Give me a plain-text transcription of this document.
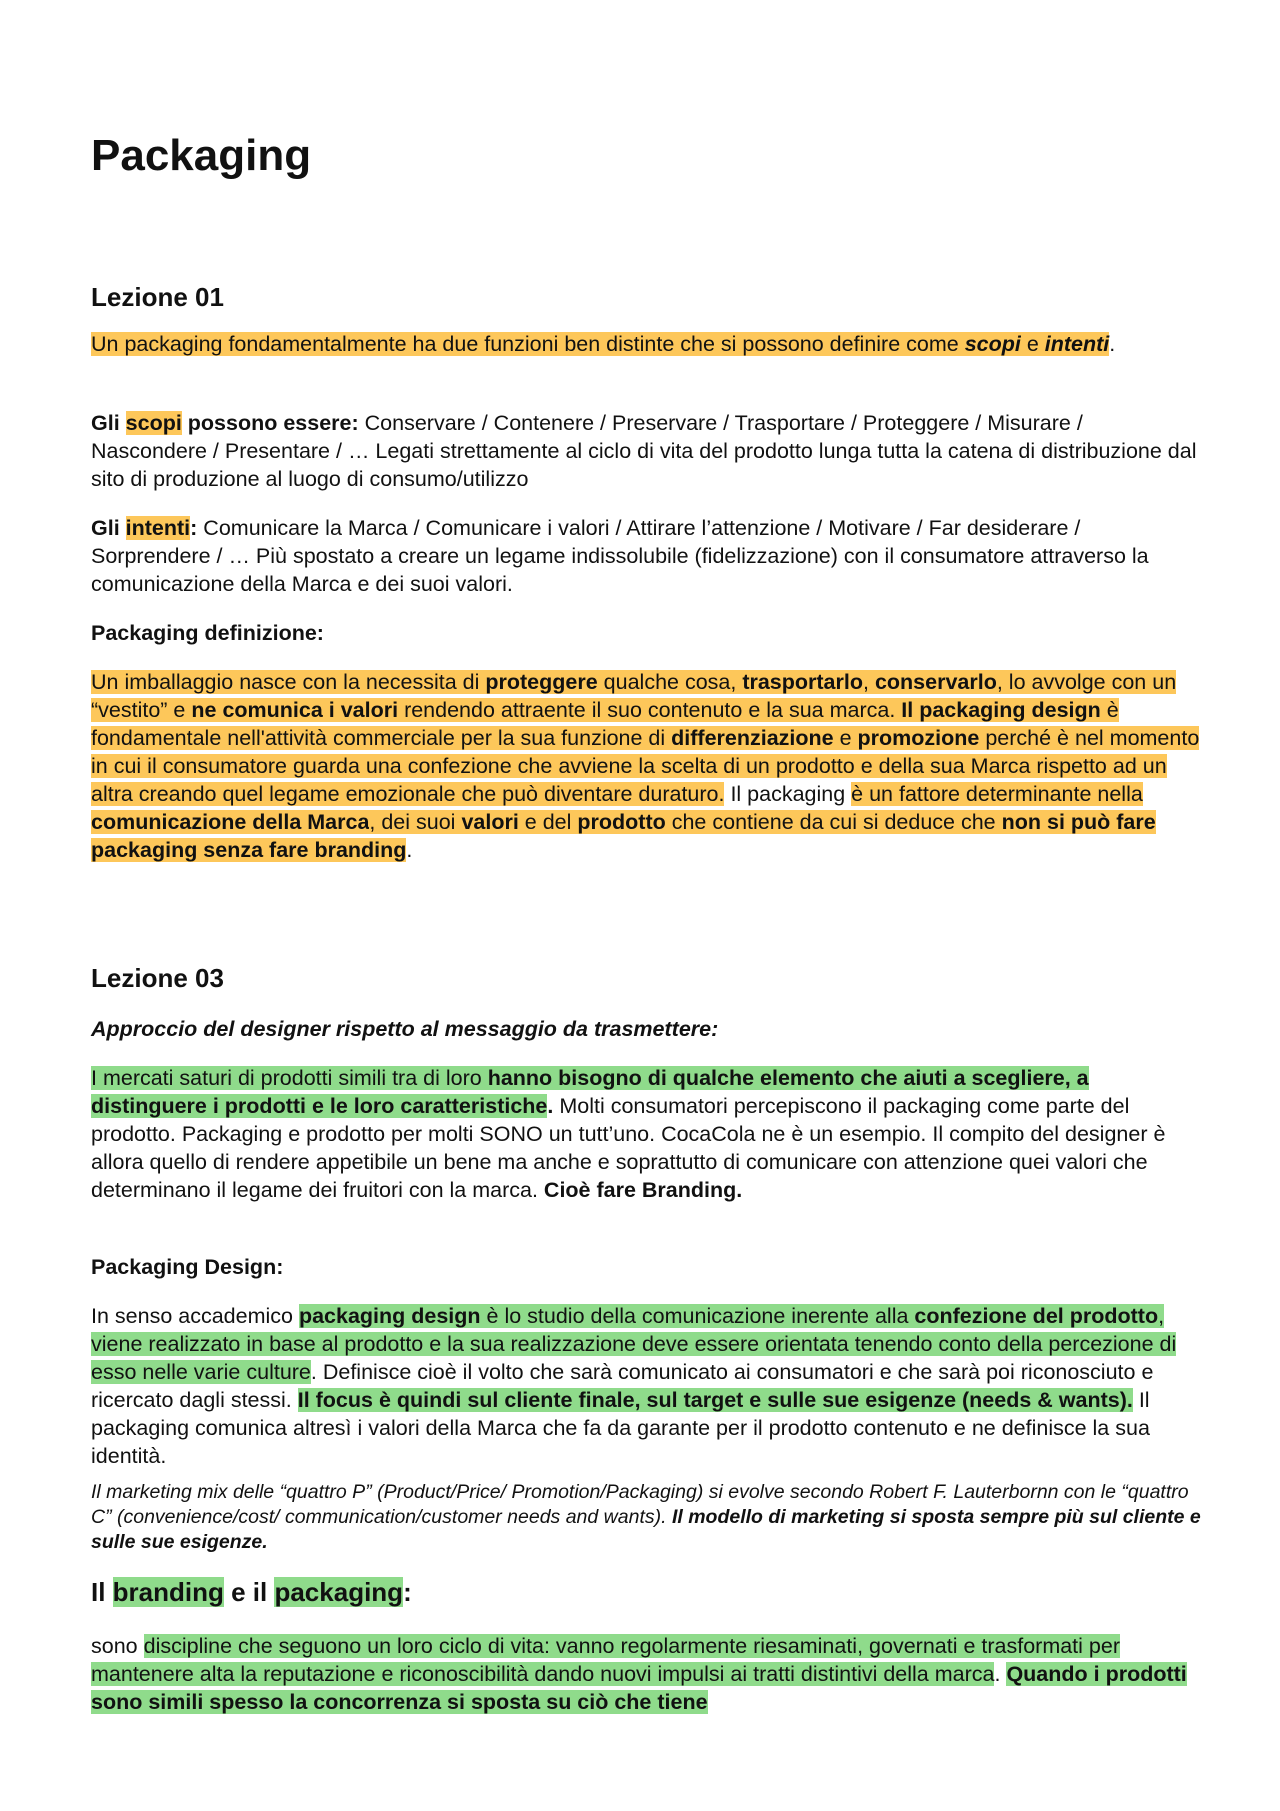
Packaging
Lezione 01

Un packaging fondamentalmente ha due funzioni ben distinte che si possono definire come scopi e intenti.

Gli scopi possono essere: Conservare / Contenere / Preservare / Trasportare / Proteggere / Misurare / Nascondere / Presentare / … Legati strettamente al ciclo di vita del prodotto lunga tutta la catena di distribuzione dal sito di produzione al luogo di consumo/utilizzo

Gli intenti: Comunicare la Marca / Comunicare i valori / Attirare l’attenzione / Motivare / Far desiderare / Sorprendere / … Più spostato a creare un legame indissolubile (fidelizzazione) con il consumatore attraverso la comunicazione della Marca e dei suoi valori.

Packaging definizione:

Un imballaggio nasce con la necessita di proteggere qualche cosa, trasportarlo, conservarlo, lo avvolge con un “vestito” e ne comunica i valori rendendo attraente il suo contenuto e la sua marca. Il packaging design è fondamentale nell'attività commerciale per la sua funzione di differenziazione e promozione perché è nel momento in cui il consumatore guarda una confezione che avviene la scelta di un prodotto e della sua Marca rispetto ad un altra creando quel legame emozionale che può diventare duraturo. Il packaging è un fattore determinante nella comunicazione della Marca, dei suoi valori e del prodotto che contiene da cui si deduce che non si può fare packaging senza fare branding.

Lezione 03

Approccio del designer rispetto al messaggio da trasmettere:

I mercati saturi di prodotti simili tra di loro hanno bisogno di qualche elemento che aiuti a scegliere, a distinguere i prodotti e le loro caratteristiche. Molti consumatori percepiscono il packaging come parte del prodotto. Packaging e prodotto per molti SONO un tutt’uno. CocaCola ne è un esempio. Il compito del designer è allora quello di rendere appetibile un bene ma anche e soprattutto di comunicare con attenzione quei valori che determinano il legame dei fruitori con la marca. Cioè fare Branding.

Packaging Design:

In senso accademico packaging design è lo studio della comunicazione inerente alla confezione del prodotto, viene realizzato in base al prodotto e la sua realizzazione deve essere orientata tenendo conto della percezione di esso nelle varie culture. Definisce cioè il volto che sarà comunicato ai consumatori e che sarà poi riconosciuto e ricercato dagli stessi. Il focus è quindi sul cliente finale, sul target e sulle sue esigenze (needs & wants). Il packaging comunica altresì i valori della Marca che fa da garante per il prodotto contenuto e ne definisce la sua identità.

Il marketing mix delle “quattro P” (Product/Price/ Promotion/Packaging) si evolve secondo Robert F. Lauterbornn con le “quattro C” (convenience/cost/ communication/customer needs and wants). Il modello di marketing si sposta sempre più sul cliente e sulle sue esigenze.

Il branding e il packaging:

sono discipline che seguono un loro ciclo di vita: vanno regolarmente riesaminati, governati e trasformati per mantenere alta la reputazione e riconoscibilità dando nuovi impulsi ai tratti distintivi della marca. Quando i prodotti sono simili spesso la concorrenza si sposta su ciò che tiene
